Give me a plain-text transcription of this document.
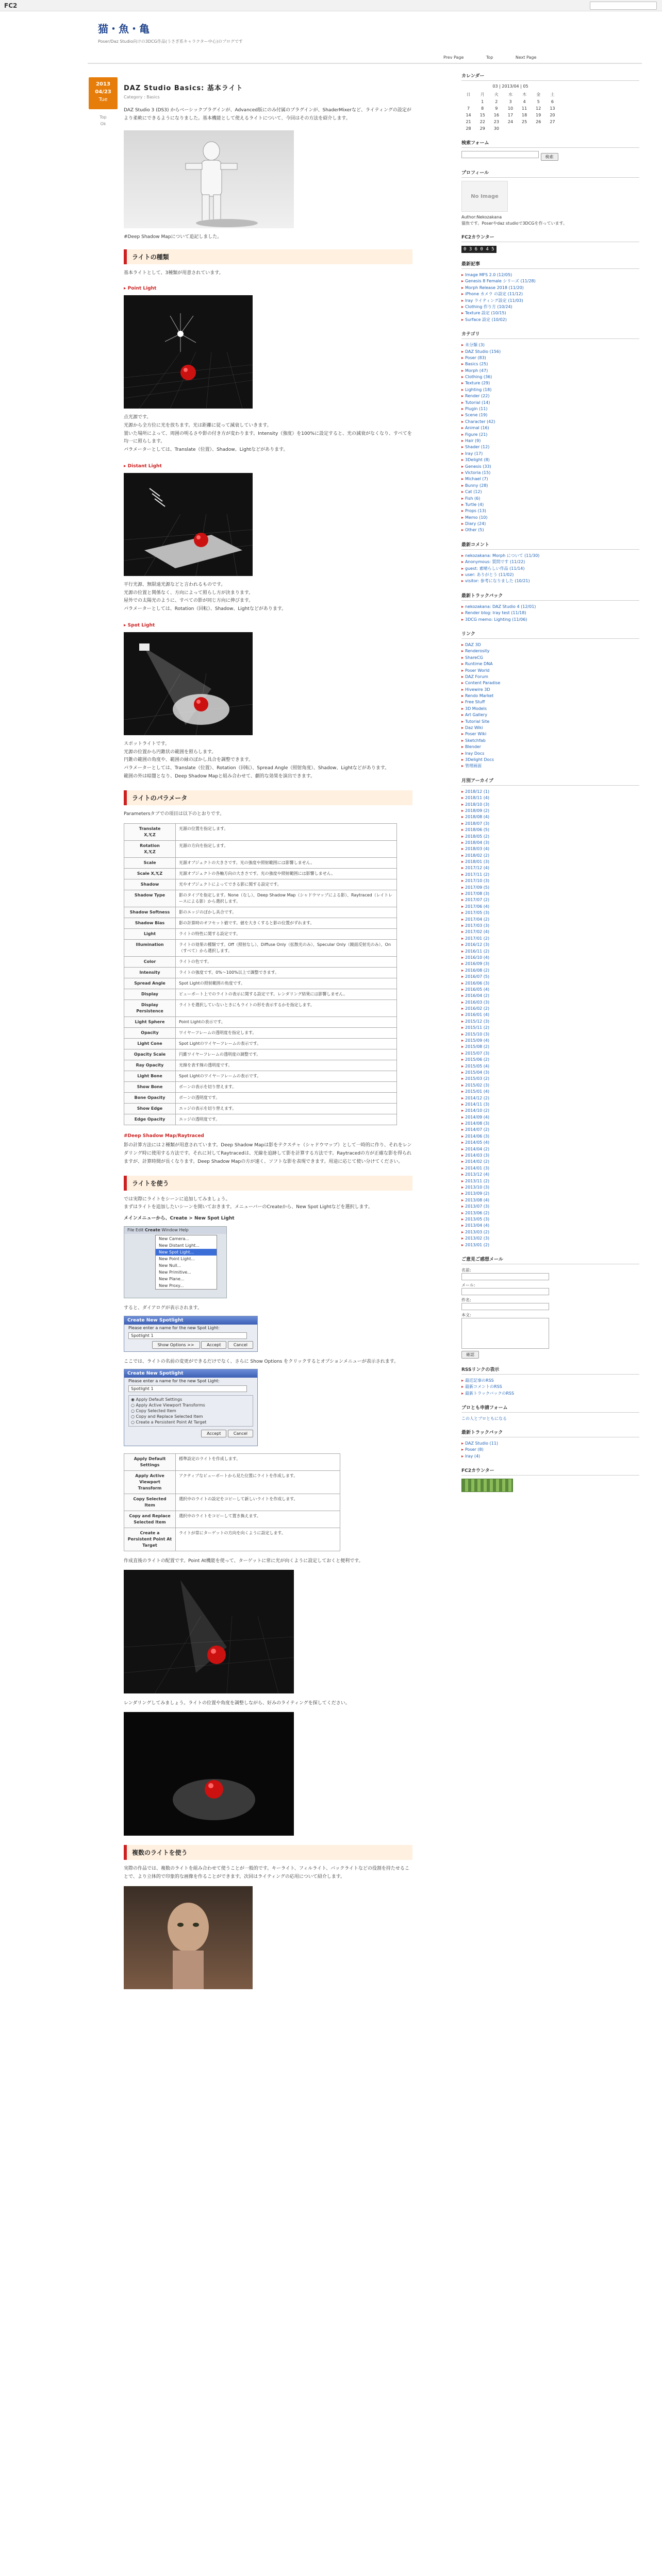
FC2
猫・魚・亀
Poser/Daz Studio向けの3DCG作品(うさぎ系キャラクター中心)のブログです
Prev Page	Top	Next Page
2013
04/23
Tue
Top
Ok
DAZ Studio Basics: 基本ライト
Category : Basics

DAZ Studio 3 (DS3) からベーシックプラグインが、Advanced版にのみ付属のプラグインが、ShaderMixerなど、ライティングの設定がより柔軟にできるようになりました。基本機能として使えるライトについて、今回はその方法を紹介します。

#Deep Shadow Mapについて追記しました。

ライトの種類

基本ライトとして、3種類が用意されています。

▸ Point Light

点光源です。
光源から全方位に光を放ちます。光は距離に従って減衰していきます。
置いた場所によって、周囲の明るさや影の付き方が変わります。Intensity（強度）を100%に設定すると、光の減衰がなくなり、すべてを均一に照らします。
パラメーターとしては、Translate（位置）、Shadow、Lightなどがあります。

▸ Distant Light

平行光源、無限遠光源などと言われるものです。
光源の位置と関係なく、方向によって照らし方が決まります。
屋外での太陽光のように、すべての影が同じ方向に伸びます。
パラメーターとしては、Rotation（回転）、Shadow、Lightなどがあります。

▸ Spot Light

スポットライトです。
光源の位置から円錐状の範囲を照らします。
円錐の範囲の角度や、範囲の縁のぼかし具合を調整できます。
パラメーターとしては、Translate（位置）、Rotation（回転）、Spread Angle（照射角度）、Shadow、Lightなどがあります。
範囲の外は暗闇となり、Deep Shadow Mapと組み合わせて、劇的な効果を演出できます。

ライトのパラメータ

Parametersタブでの項目は以下のとおりです。

Translate
X,Y,Z	光源の位置を指定します。
Rotation
X,Y,Z	光源の方向を指定します。
Scale	光源オブジェクトの大きさです。光の強度や照射範囲には影響しません。
Scale X,Y,Z	光源オブジェクトの各軸方向の大きさです。光の強度や照射範囲には影響しません。
Shadow	光やオブジェクトによってできる影に関する設定です。
Shadow Type	影のタイプを指定します。None（なし）、Deep Shadow Map（シャドウマップによる影）、Raytraced（レイトレースによる影）から選択します。
Shadow Softness	影のエッジのぼかし具合です。
Shadow Bias	影の計算時のオフセット値です。値を大きくすると影の位置がずれます。
Light	ライトの特性に関する設定です。
Illumination	ライトの効果の種類です。Off（照射なし）、Diffuse Only（拡散光のみ）、Specular Only（鏡面反射光のみ）、On（すべて）から選択します。
Color	ライトの色です。
Intensity	ライトの強度です。0%～100%以上で調整できます。
Spread Angle	Spot Lightの照射範囲の角度です。
Display	ビューポート上でのライトの表示に関する設定です。レンダリング結果には影響しません。
Display Persistence	ライトを選択していないときにもライトの形を表示するかを指定します。
Light Sphere	Point Lightの表示です。
Opacity	ワイヤーフレームの透明度を指定します。
Light Cone	Spot Lightのワイヤーフレームの表示です。
Opacity Scale	円錐ワイヤーフレームの透明度の調整です。
Ray Opacity	光線を表す線の透明度です。
Light Bone	Spot Lightのワイヤーフレームの表示です。
Show Bone	ボーンの表示を切り替えます。
Bone Opacity	ボーンの透明度です。
Show Edge	エッジの表示を切り替えます。
Edge Opacity	エッジの透明度です。
#Deep Shadow Map/Raytraced

影の計算方法には２種類が用意されています。Deep Shadow Mapは影をテクスチャ（シャドウマップ）として一時的に作り、それをレンダリング時に使用する方法です。それに対してRaytracedは、光線を追跡して影を計算する方法です。Raytracedの方が正確な影を得られますが、計算時間が長くなります。Deep Shadow Mapの方が速く、ソフトな影を表現できます。用途に応じて使い分けてください。

ライトを使う

では実際にライトをシーンに追加してみましょう。
まずはライトを追加したいシーンを開いておきます。メニューバーのCreateから、New Spot Lightなどを選択します。

メインメニューから、Create > New Spot Light

File Edit Create Window Help
New Camera...
New Distant Light...
New Spot Light...
New Point Light...
New Null...
New Primitive...
New Plane...
New Proxy...

すると、ダイアログが表示されます。

Create New Spotlight
Please enter a name for the new Spot Light:
Spotlight 1
Show Options >>	Accept	Cancel

ここでは、ライトの名前の変更ができるだけでなく、さらに Show Options をクリックするとオプションメニューが表示されます。

Create New Spotlight
Please enter a name for the new Spot Light:
Spotlight 1
◉ Apply Default Settings
○ Apply Active Viewport Transforms
○ Copy Selected Item
○ Copy and Replace Selected Item
○ Create a Persistent Point At Target
Accept	Cancel
Apply Default Settings	標準設定のライトを作成します。
Apply Active Viewport Transform	アクティブなビューポートから見た位置にライトを作成します。
Copy Selected Item	選択中のライトの設定をコピーして新しいライトを作成します。
Copy and Replace Selected Item	選択中のライトをコピーして置き換えます。
Create a Persistent Point At Target	ライトが常にターゲットの方向を向くように設定します。

作成直後のライトの配置です。Point At機能を使って、ターゲットに常に光が向くように設定しておくと便利です。

レンダリングしてみましょう。ライトの位置や角度を調整しながら、好みのライティングを探してください。

複数のライトを使う

実際の作品では、複数のライトを組み合わせて使うことが一般的です。キーライト、フィルライト、バックライトなどの役割を持たせることで、より立体的で印象的な画像を作ることができます。次回はライティングの応用について紹介します。

カレンダー
03 | 2013/04 | 05
日	月	火	水	木	金	土
	1	2	3	4	5	6
7	8	9	10	11	12	13
14	15	16	17	18	19	20
21	22	23	24	25	26	27
28	29	30				
検索フォーム
検索
プロフィール
No Image
Author:Nekozakana
猫魚です。Poserやdaz studioで3DCGを作っています。
FC2カウンター
0 3 6 0 4 5
最新記事
▸ Image MFS 2.0 (12/05)
▸ Genesis 8 Female シリーズ (11/28)
▸ Morph Release 2018 (11/20)
▸ iPhone カメラ の設定 (11/12)
▸ Iray ライティング設定 (11/03)
▸ Clothing 作り方 (10/24)
▸ Texture 設定 (10/15)
▸ Surface 設定 (10/02)
カテゴリ
▸ 未分類 (3)
▸ DAZ Studio (156)
▸ Poser (83)
▸ Basics (25)
▸ Morph (47)
▸ Clothing (36)
▸ Texture (29)
▸ Lighting (18)
▸ Render (22)
▸ Tutorial (14)
▸ Plugin (11)
▸ Scene (19)
▸ Character (42)
▸ Animal (16)
▸ Figure (21)
▸ Hair (9)
▸ Shader (12)
▸ Iray (17)
▸ 3Delight (8)
▸ Genesis (33)
▸ Victoria (15)
▸ Michael (7)
▸ Bunny (28)
▸ Cat (12)
▸ Fish (6)
▸ Turtle (4)
▸ Props (13)
▸ Memo (10)
▸ Diary (24)
▸ Other (5)
最新コメント
▸ nekozakana: Morph について (11/30)
▸ Anonymous: 質問です (11/22)
▸ guest: 素晴らしい作品 (11/14)
▸ user: ありがとう (11/02)
▸ visitor: 参考になりました (10/21)
最新トラックバック
▸ nekozakana: DAZ Studio 4 (12/01)
▸ Render blog: Iray test (11/18)
▸ 3DCG memo: Lighting (11/06)
リンク
▸ DAZ 3D
▸ Renderosity
▸ ShareCG
▸ Runtime DNA
▸ Poser World
▸ DAZ Forum
▸ Content Paradise
▸ Hivewire 3D
▸ Rendo Market
▸ Free Stuff
▸ 3D Models
▸ Art Gallery
▸ Tutorial Site
▸ Daz Wiki
▸ Poser Wiki
▸ Sketchfab
▸ Blender
▸ Iray Docs
▸ 3Delight Docs
▸ 管理画面
月別アーカイブ
▸ 2018/12 (1)
▸ 2018/11 (4)
▸ 2018/10 (3)
▸ 2018/09 (2)
▸ 2018/08 (4)
▸ 2018/07 (3)
▸ 2018/06 (5)
▸ 2018/05 (2)
▸ 2018/04 (3)
▸ 2018/03 (4)
▸ 2018/02 (2)
▸ 2018/01 (3)
▸ 2017/12 (4)
▸ 2017/11 (2)
▸ 2017/10 (3)
▸ 2017/09 (5)
▸ 2017/08 (3)
▸ 2017/07 (2)
▸ 2017/06 (4)
▸ 2017/05 (3)
▸ 2017/04 (2)
▸ 2017/03 (3)
▸ 2017/02 (4)
▸ 2017/01 (2)
▸ 2016/12 (3)
▸ 2016/11 (2)
▸ 2016/10 (4)
▸ 2016/09 (3)
▸ 2016/08 (2)
▸ 2016/07 (5)
▸ 2016/06 (3)
▸ 2016/05 (4)
▸ 2016/04 (2)
▸ 2016/03 (3)
▸ 2016/02 (2)
▸ 2016/01 (4)
▸ 2015/12 (3)
▸ 2015/11 (2)
▸ 2015/10 (3)
▸ 2015/09 (4)
▸ 2015/08 (2)
▸ 2015/07 (3)
▸ 2015/06 (2)
▸ 2015/05 (4)
▸ 2015/04 (3)
▸ 2015/03 (2)
▸ 2015/02 (3)
▸ 2015/01 (4)
▸ 2014/12 (2)
▸ 2014/11 (3)
▸ 2014/10 (2)
▸ 2014/09 (4)
▸ 2014/08 (3)
▸ 2014/07 (2)
▸ 2014/06 (3)
▸ 2014/05 (4)
▸ 2014/04 (2)
▸ 2014/03 (3)
▸ 2014/02 (2)
▸ 2014/01 (3)
▸ 2013/12 (4)
▸ 2013/11 (2)
▸ 2013/10 (3)
▸ 2013/09 (2)
▸ 2013/08 (4)
▸ 2013/07 (3)
▸ 2013/06 (2)
▸ 2013/05 (3)
▸ 2013/04 (4)
▸ 2013/03 (2)
▸ 2013/02 (3)
▸ 2013/01 (2)
ご意見ご感想メール
名前:
メール:
件名:
本文:
確認
RSSリンクの表示
▸ 最近記事のRSS
▸ 最新コメントのRSS
▸ 最新トラックバックのRSS
ブロとも申請フォーム
この人とブロともになる
最新トラックバック
▸ DAZ Studio (11)
▸ Poser (8)
▸ Iray (4)
FC2カウンター
